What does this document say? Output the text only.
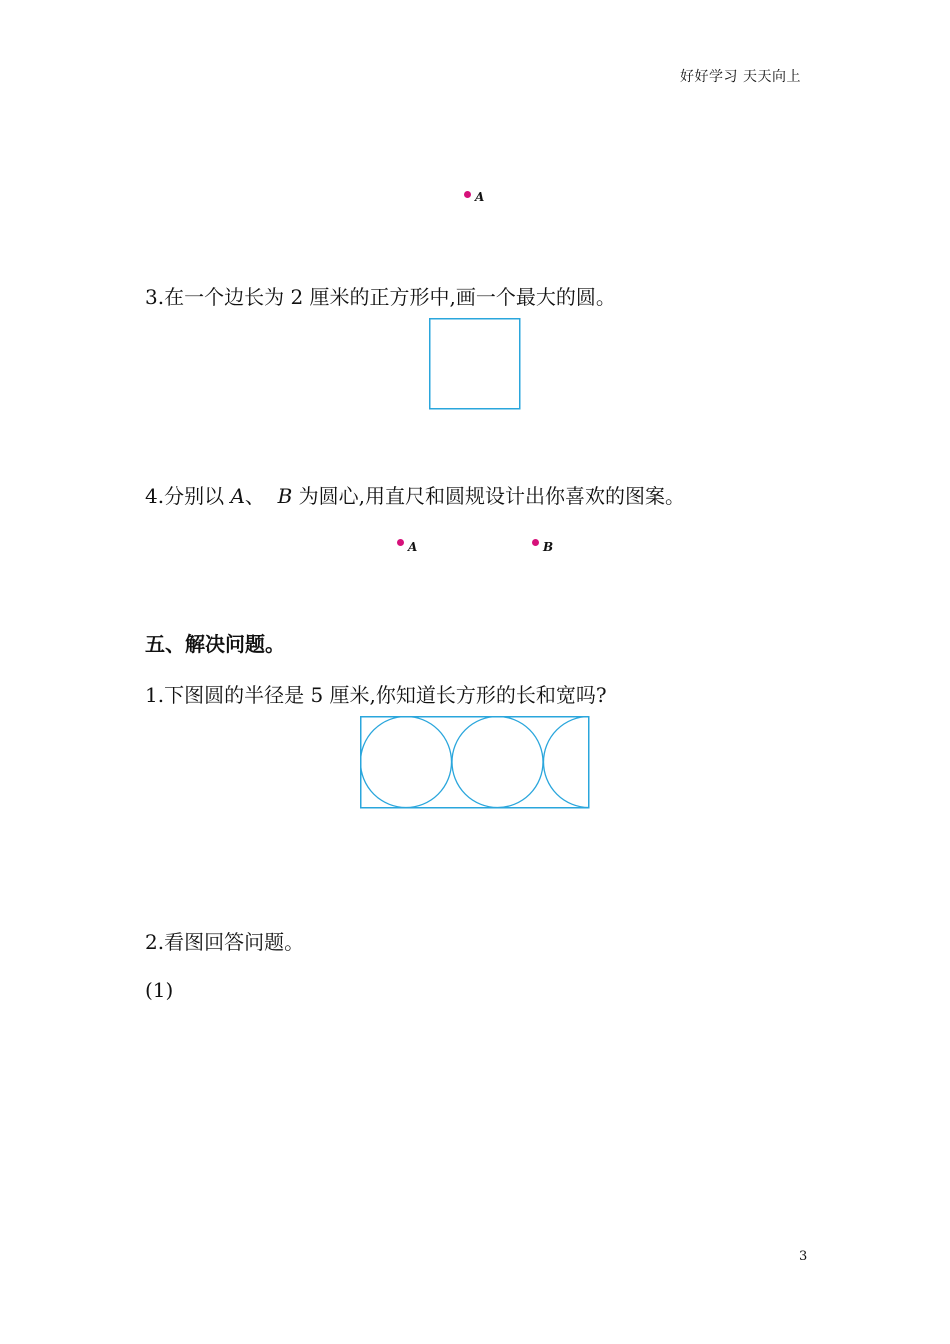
好好学习 天天向上
A
3.在一个边长为 2 厘米的正方形中,画一个最大的圆。
4.分别以 A、  B 为圆心,用直尺和圆规设计出你喜欢的图案。
A	B
五、解决问题。
1.下图圆的半径是 5 厘米,你知道长方形的长和宽吗?
2.看图回答问题。
(1)
3
